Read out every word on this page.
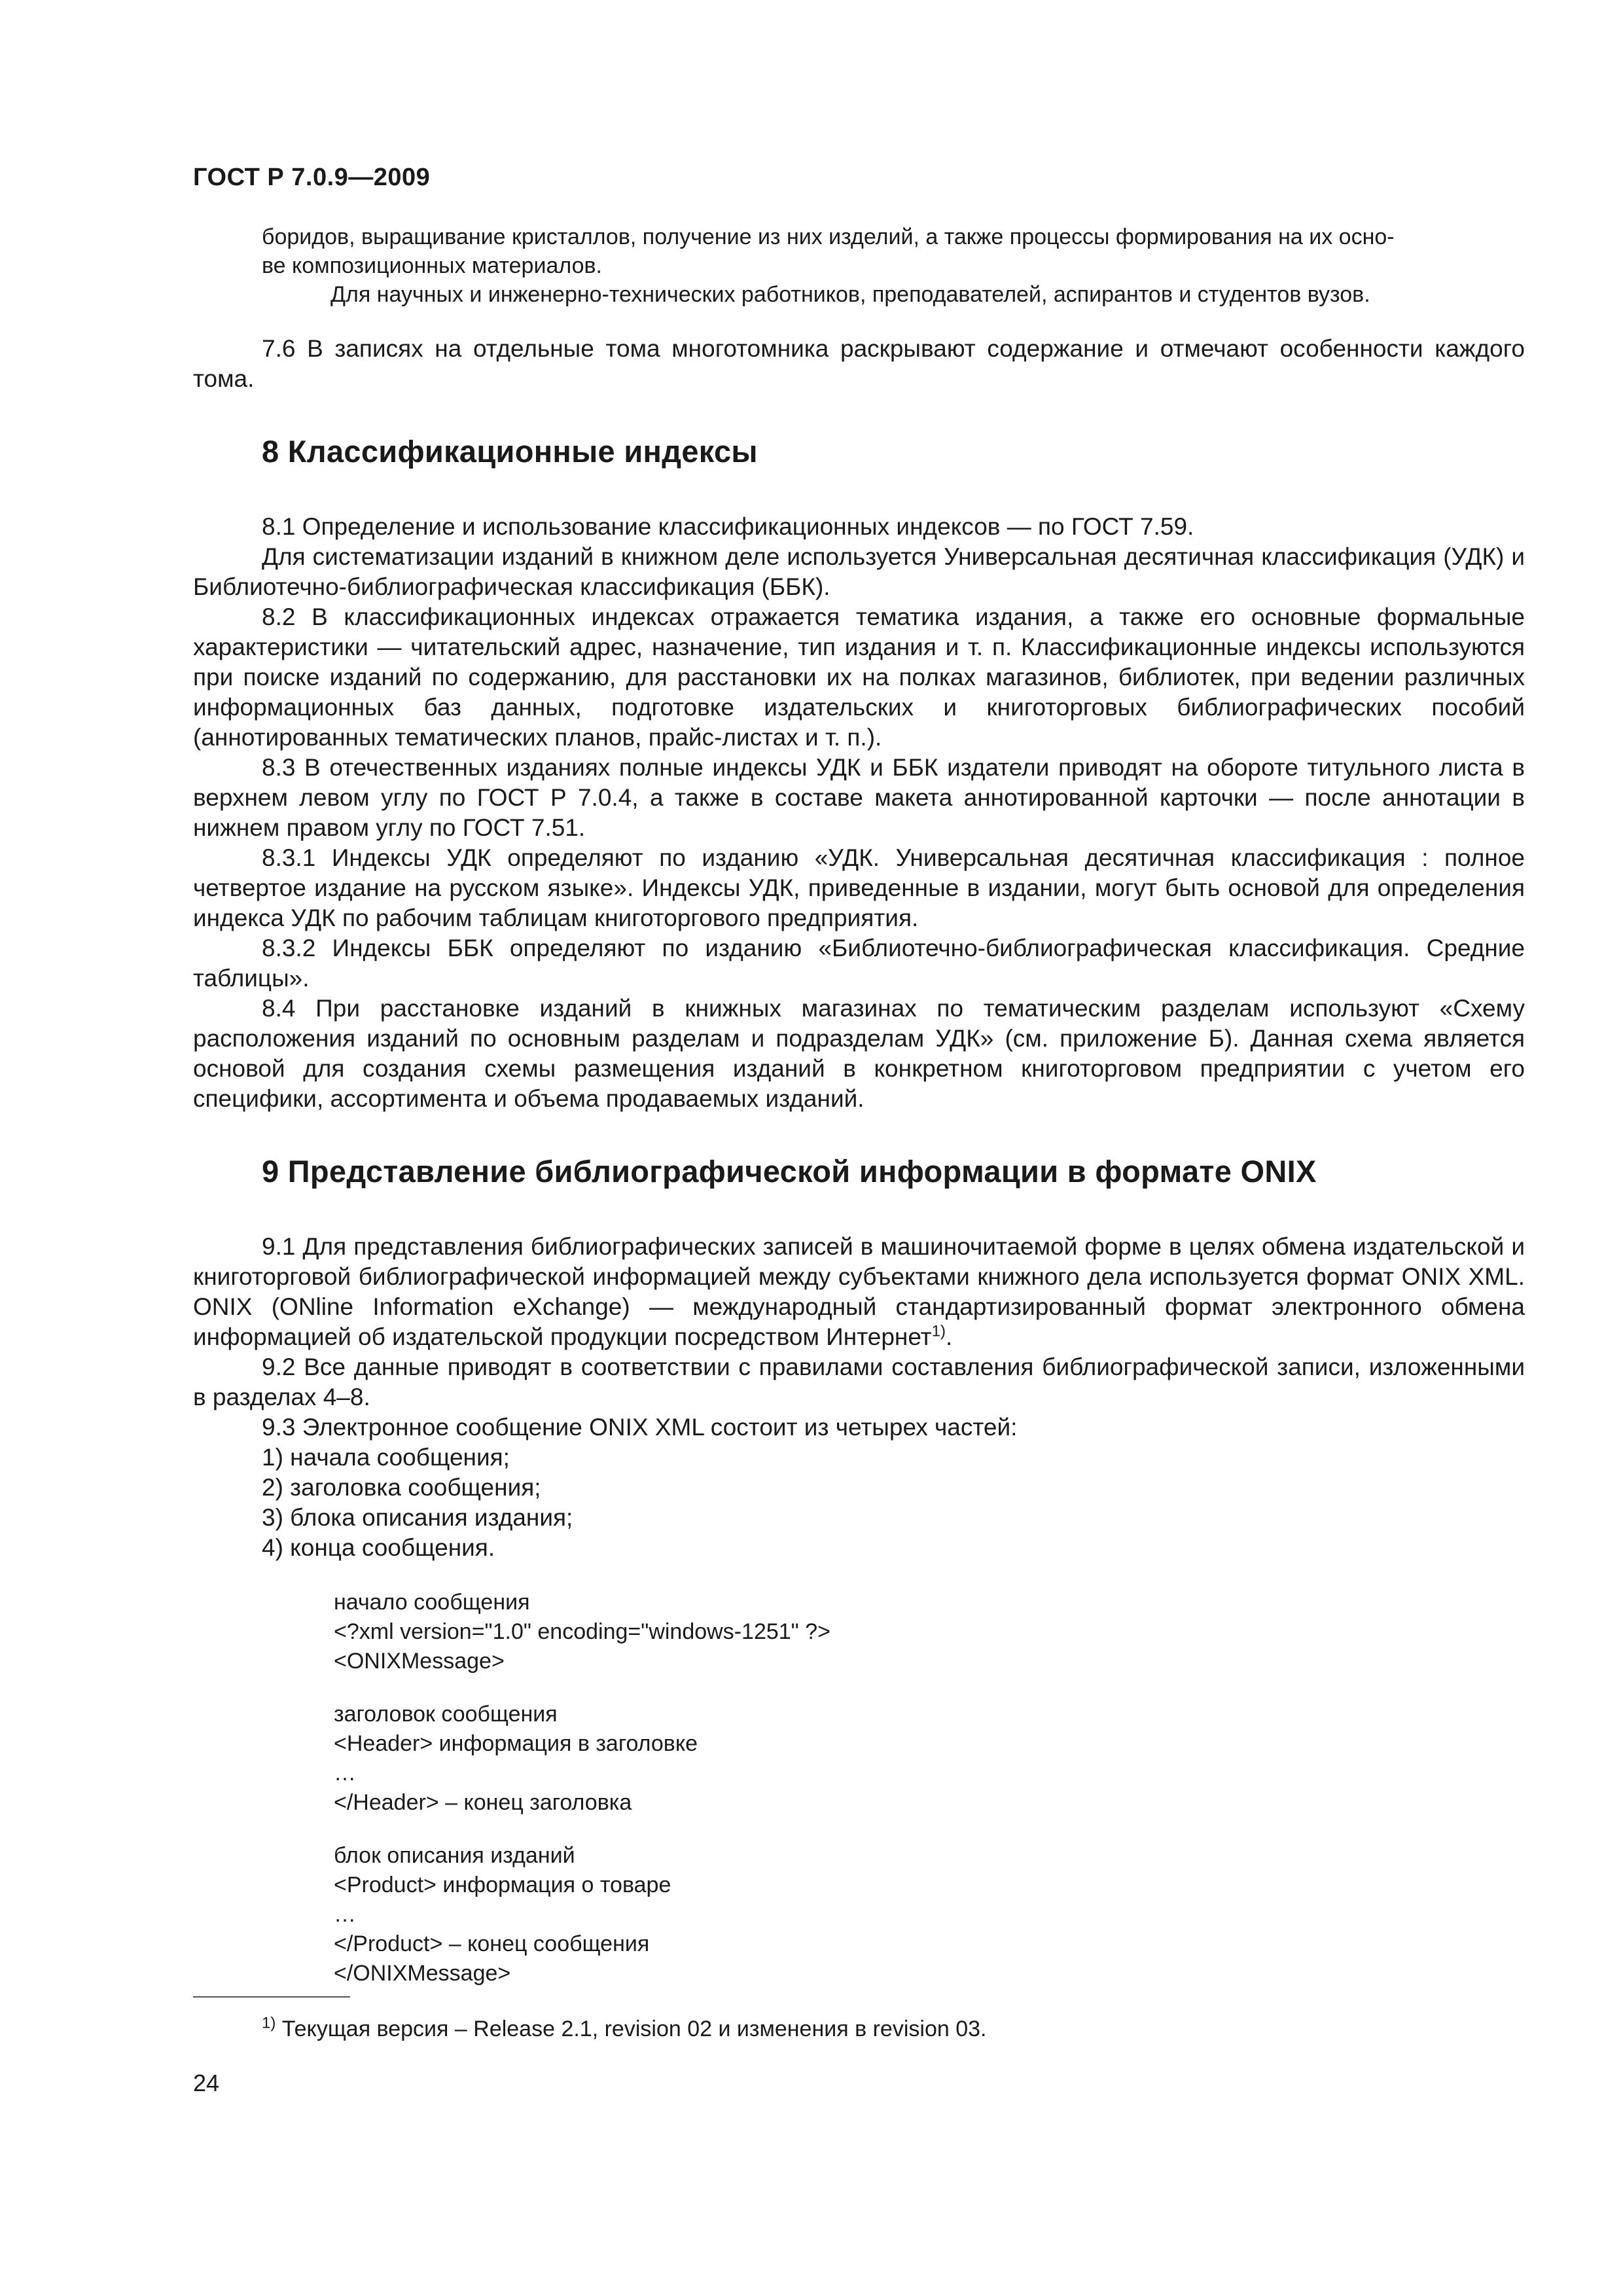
ГОСТ Р 7.0.9—2009

боридов, выращивание кристаллов, получение из них изделий, а также процессы формирования на их осно-

ве композиционных материалов.

Для научных и инженерно-технических работников, преподавателей, аспирантов и студентов вузов.

7.6 В записях на отдельные тома многотомника раскрывают содержание и отмечают особенности каждого тома.

8 Классификационные индексы

8.1 Определение и использование классификационных индексов — по ГОСТ 7.59.

Для систематизации изданий в книжном деле используется Универсальная десятичная классификация (УДК) и Библиотечно-библиографическая классификация (ББК).

8.2 В классификационных индексах отражается тематика издания, а также его основные формальные характеристики — читательский адрес, назначение, тип издания и т. п. Классификационные индексы используются при поиске изданий по содержанию, для расстановки их на полках магазинов, библиотек, при ведении различных информационных баз данных, подготовке издательских и книготорговых библиографических пособий (аннотированных тематических планов, прайс-листах и т. п.).

8.3 В отечественных изданиях полные индексы УДК и ББК издатели приводят на обороте титульного листа в верхнем левом углу по ГОСТ Р 7.0.4, а также в составе макета аннотированной карточки — после аннотации в нижнем правом углу по ГОСТ 7.51.

8.3.1 Индексы УДК определяют по изданию «УДК. Универсальная десятичная классификация : полное четвертое издание на русском языке». Индексы УДК, приведенные в издании, могут быть основой для определения индекса УДК по рабочим таблицам книготоргового предприятия.

8.3.2 Индексы ББК определяют по изданию «Библиотечно-библиографическая классификация. Средние таблицы».

8.4 При расстановке изданий в книжных магазинах по тематическим разделам используют «Схему расположения изданий по основным разделам и подразделам УДК» (см. приложение Б). Данная схема является основой для создания схемы размещения изданий в конкретном книготорговом предприятии с учетом его специфики, ассортимента и объема продаваемых изданий.

9 Представление библиографической информации в формате ONIX

9.1 Для представления библиографических записей в машиночитаемой форме в целях обмена издательской и книготорговой библиографической информацией между субъектами книжного дела используется формат ONIX XML. ONIX (ONline Information eXchange) — международный стандартизированный формат электронного обмена информацией об издательской продукции посредством Интернет$^{1)}$.

9.2 Все данные приводят в соответствии с правилами составления библиографической записи, изложенными в разделах 4–8.

9.3 Электронное сообщение ONIX XML состоит из четырех частей:

1) начала сообщения;

2) заголовка сообщения;

3) блока описания издания;

4) конца сообщения.

начало сообщения
<?xml version="1.0" encoding="windows-1251" ?>
<ONIXMessage>
заголовок сообщения
<Header> информация в заголовке
…
</Header> – конец заголовка
блок описания изданий
<Product> информация о товаре
…
</Product> – конец сообщения
</ONIXMessage>
$^{1)}$ Текущая версия – Release 2.1, revision 02 и изменения в revision 03.
24
